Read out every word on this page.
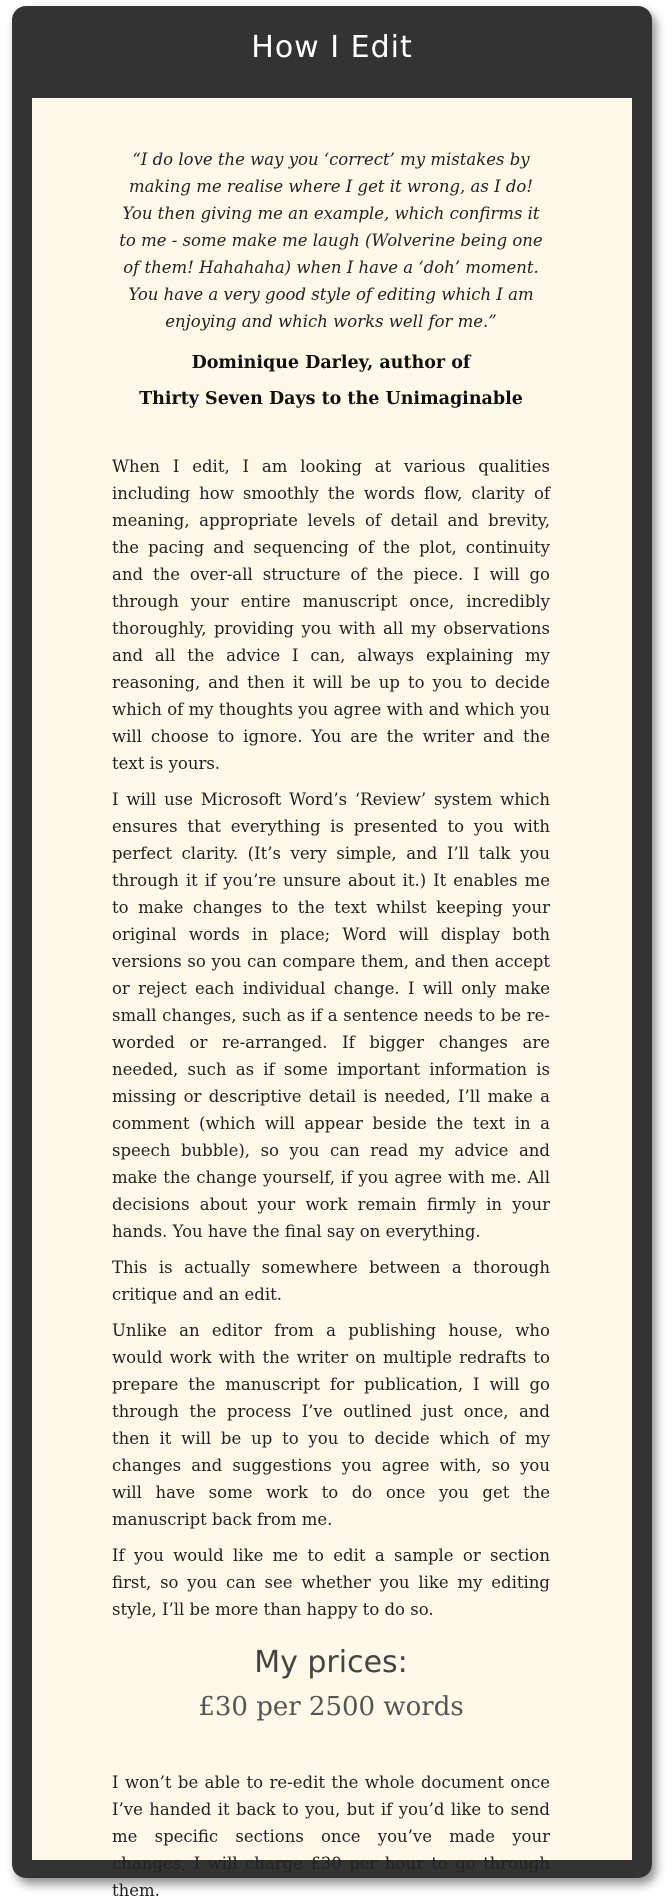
How I Edit

“I do love the way you ‘correct’ my mistakes by making me realise where I get it wrong, as I do! You then giving me an example, which confirms it to me - some make me laugh (Wolverine being one of them! Hahahaha) when I have a ‘doh’ moment. You have a very good style of editing which I am enjoying and which works well for me.”

Dominique Darley, author of

Thirty Seven Days to the Unimaginable

When I edit, I am looking at various qualities including how smoothly the words flow, clarity of meaning, appropriate levels of detail and brevity, the pacing and sequencing of the plot, continuity and the over-all structure of the piece. I will go through your entire manuscript once, incredibly thoroughly, providing you with all my observations and all the advice I can, always explaining my reasoning, and then it will be up to you to decide which of my thoughts you agree with and which you will choose to ignore. You are the writer and the text is yours.

I will use Microsoft Word’s ‘Review’ system which ensures that everything is presented to you with perfect clarity. (It’s very simple, and I’ll talk you through it if you’re unsure about it.) It enables me to make changes to the text whilst keeping your original words in place; Word will display both versions so you can compare them, and then accept or reject each individual change. I will only make small changes, such as if a sentence needs to be re-worded or re-arranged. If bigger changes are needed, such as if some important information is missing or descriptive detail is needed, I’ll make a comment (which will appear beside the text in a speech bubble), so you can read my advice and make the change yourself, if you agree with me. All decisions about your work remain firmly in your hands. You have the final say on everything.

This is actually somewhere between a thorough critique and an edit.

Unlike an editor from a publishing house, who would work with the writer on multiple redrafts to prepare the manuscript for publication, I will go through the process I’ve outlined just once, and then it will be up to you to decide which of my changes and suggestions you agree with, so you will have some work to do once you get the manuscript back from me.

If you would like me to edit a sample or section first, so you can see whether you like my editing style, I’ll be more than happy to do so.

My prices:
£30 per 2500 words

I won’t be able to re-edit the whole document once I’ve handed it back to you, but if you’d like to send me specific sections once you’ve made your changes, I will charge £30 per hour to go through them.
